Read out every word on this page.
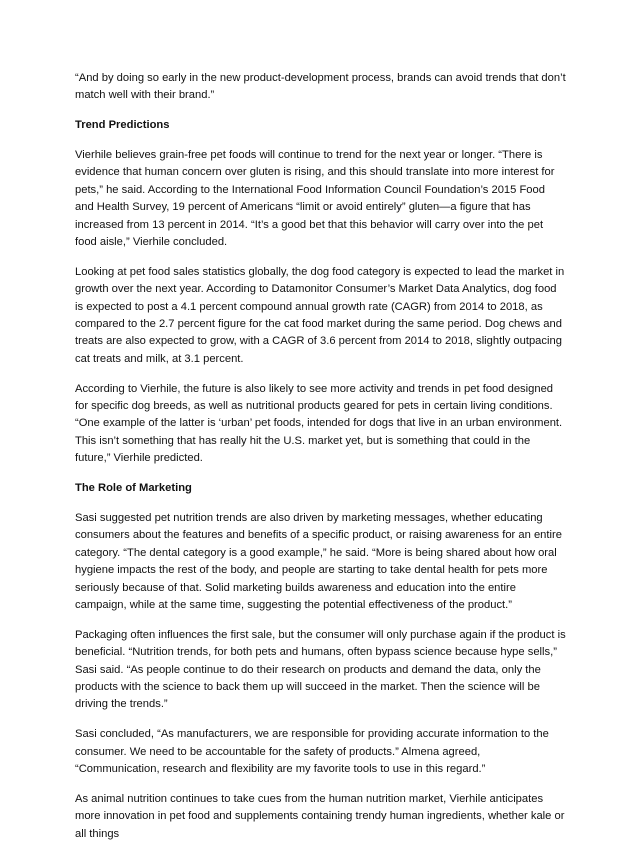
“And by doing so early in the new product-development process, brands can avoid trends that don’t match well with their brand.”

Trend Predictions

Vierhile believes grain-free pet foods will continue to trend for the next year or longer. “There is evidence that human concern over gluten is rising, and this should translate into more interest for pets,” he said. According to the International Food Information Council Foundation’s 2015 Food and Health Survey, 19 percent of Americans “limit or avoid entirely” gluten—a figure that has increased from 13 percent in 2014. “It’s a good bet that this behavior will carry over into the pet food aisle,” Vierhile concluded.

Looking at pet food sales statistics globally, the dog food category is expected to lead the market in growth over the next year. According to Datamonitor Consumer’s Market Data Analytics, dog food is expected to post a 4.1 percent compound annual growth rate (CAGR) from 2014 to 2018, as compared to the 2.7 percent figure for the cat food market during the same period. Dog chews and treats are also expected to grow, with a CAGR of 3.6 percent from 2014 to 2018, slightly outpacing cat treats and milk, at 3.1 percent.

According to Vierhile, the future is also likely to see more activity and trends in pet food designed for specific dog breeds, as well as nutritional products geared for pets in certain living conditions. “One example of the latter is ‘urban’ pet foods, intended for dogs that live in an urban environment. This isn’t something that has really hit the U.S. market yet, but is something that could in the future,” Vierhile predicted.

The Role of Marketing

Sasi suggested pet nutrition trends are also driven by marketing messages, whether educating consumers about the features and benefits of a specific product, or raising awareness for an entire category. “The dental category is a good example,” he said. “More is being shared about how oral hygiene impacts the rest of the body, and people are starting to take dental health for pets more seriously because of that. Solid marketing builds awareness and education into the entire campaign, while at the same time, suggesting the potential effectiveness of the product.”

Packaging often influences the first sale, but the consumer will only purchase again if the product is beneficial. “Nutrition trends, for both pets and humans, often bypass science because hype sells,” Sasi said. “As people continue to do their research on products and demand the data, only the products with the science to back them up will succeed in the market. Then the science will be driving the trends.”

Sasi concluded, “As manufacturers, we are responsible for providing accurate information to the consumer. We need to be accountable for the safety of products.” Almena agreed, “Communication, research and flexibility are my favorite tools to use in this regard.”

As animal nutrition continues to take cues from the human nutrition market, Vierhile anticipates more innovation in pet food and supplements containing trendy human ingredients, whether kale or all things
